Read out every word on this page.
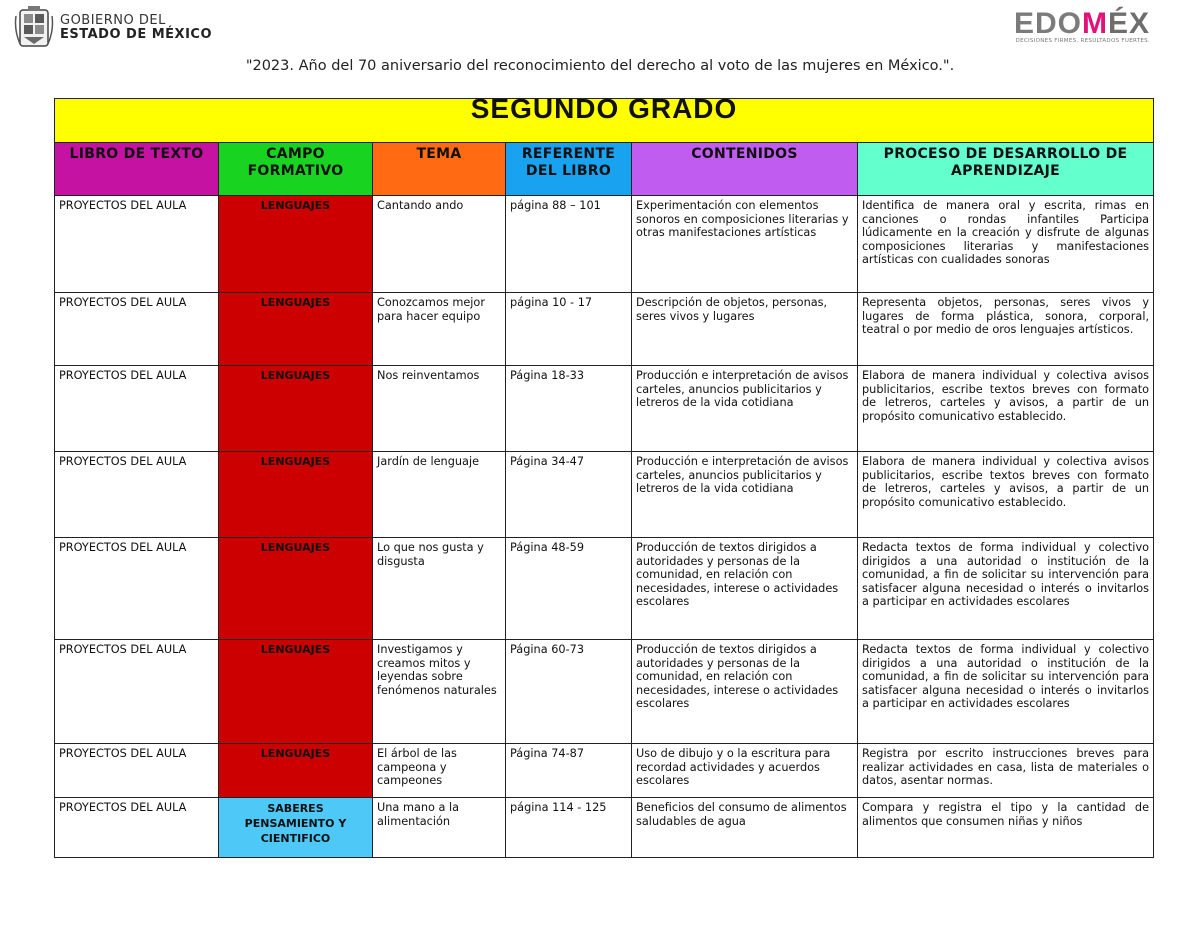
GOBIERNO DEL
ESTADO DE MÉXICO	EDOMÉX
DECISIONES FIRMES, RESULTADOS FUERTES.
"2023. Año del 70 aniversario del reconocimiento del derecho al voto de las mujeres en México.".
SEGUNDO GRADO					
LIBRO DE TEXTO	CAMPO FORMATIVO	TEMA	REFERENTE DEL LIBRO	CONTENIDOS	PROCESO DE DESARROLLO DE APRENDIZAJE
PROYECTOS DEL AULA	LENGUAJES	Cantando ando	página 88 – 101	Experimentación con elementos sonoros en composiciones literarias y otras manifestaciones artísticas	Identifica de manera oral y escrita, rimas en canciones o rondas infantiles Participa lúdicamente en la creación y disfrute de algunas composiciones literarias y manifestaciones artísticas con cualidades sonoras
PROYECTOS DEL AULA	LENGUAJES	Conozcamos mejor para hacer equipo	página 10 - 17	Descripción de objetos, personas, seres vivos y lugares	Representa objetos, personas, seres vivos y lugares de forma plástica, sonora, corporal, teatral o por medio de oros lenguajes artísticos.
PROYECTOS DEL AULA	LENGUAJES	Nos reinventamos	Página 18-33	Producción e interpretación de avisos carteles, anuncios publicitarios y letreros de la vida cotidiana	Elabora de manera individual y colectiva avisos publicitarios, escribe textos breves con formato de letreros, carteles y avisos, a partir de un propósito comunicativo establecido.
PROYECTOS DEL AULA	LENGUAJES	Jardín de lenguaje	Página 34-47	Producción e interpretación de avisos carteles, anuncios publicitarios y letreros de la vida cotidiana	Elabora de manera individual y colectiva avisos publicitarios, escribe textos breves con formato de letreros, carteles y avisos, a partir de un propósito comunicativo establecido.
PROYECTOS DEL AULA	LENGUAJES	Lo que nos gusta y disgusta	Página 48-59	Producción de textos dirigidos a autoridades y personas de la comunidad, en relación con necesidades, interese o actividades escolares	Redacta textos de forma individual y colectivo dirigidos a una autoridad o institución de la comunidad, a fin de solicitar su intervención para satisfacer alguna necesidad o interés o invitarlos a participar en actividades escolares
PROYECTOS DEL AULA	LENGUAJES	Investigamos y creamos mitos y leyendas sobre fenómenos naturales	Página 60-73	Producción de textos dirigidos a autoridades y personas de la comunidad, en relación con necesidades, interese o actividades escolares	Redacta textos de forma individual y colectivo dirigidos a una autoridad o institución de la comunidad, a fin de solicitar su intervención para satisfacer alguna necesidad o interés o invitarlos a participar en actividades escolares
PROYECTOS DEL AULA	LENGUAJES	El árbol de las campeona y campeones	Página 74-87	Uso de dibujo y o la escritura para recordad actividades y acuerdos escolares	Registra por escrito instrucciones breves para realizar actividades en casa, lista de materiales o datos, asentar normas.
PROYECTOS DEL AULA	SABERES PENSAMIENTO Y CIENTIFICO	Una mano a la alimentación	página 114 - 125	Beneficios del consumo de alimentos saludables de agua	Compara y registra el tipo y la cantidad de alimentos que consumen niñas y niños
